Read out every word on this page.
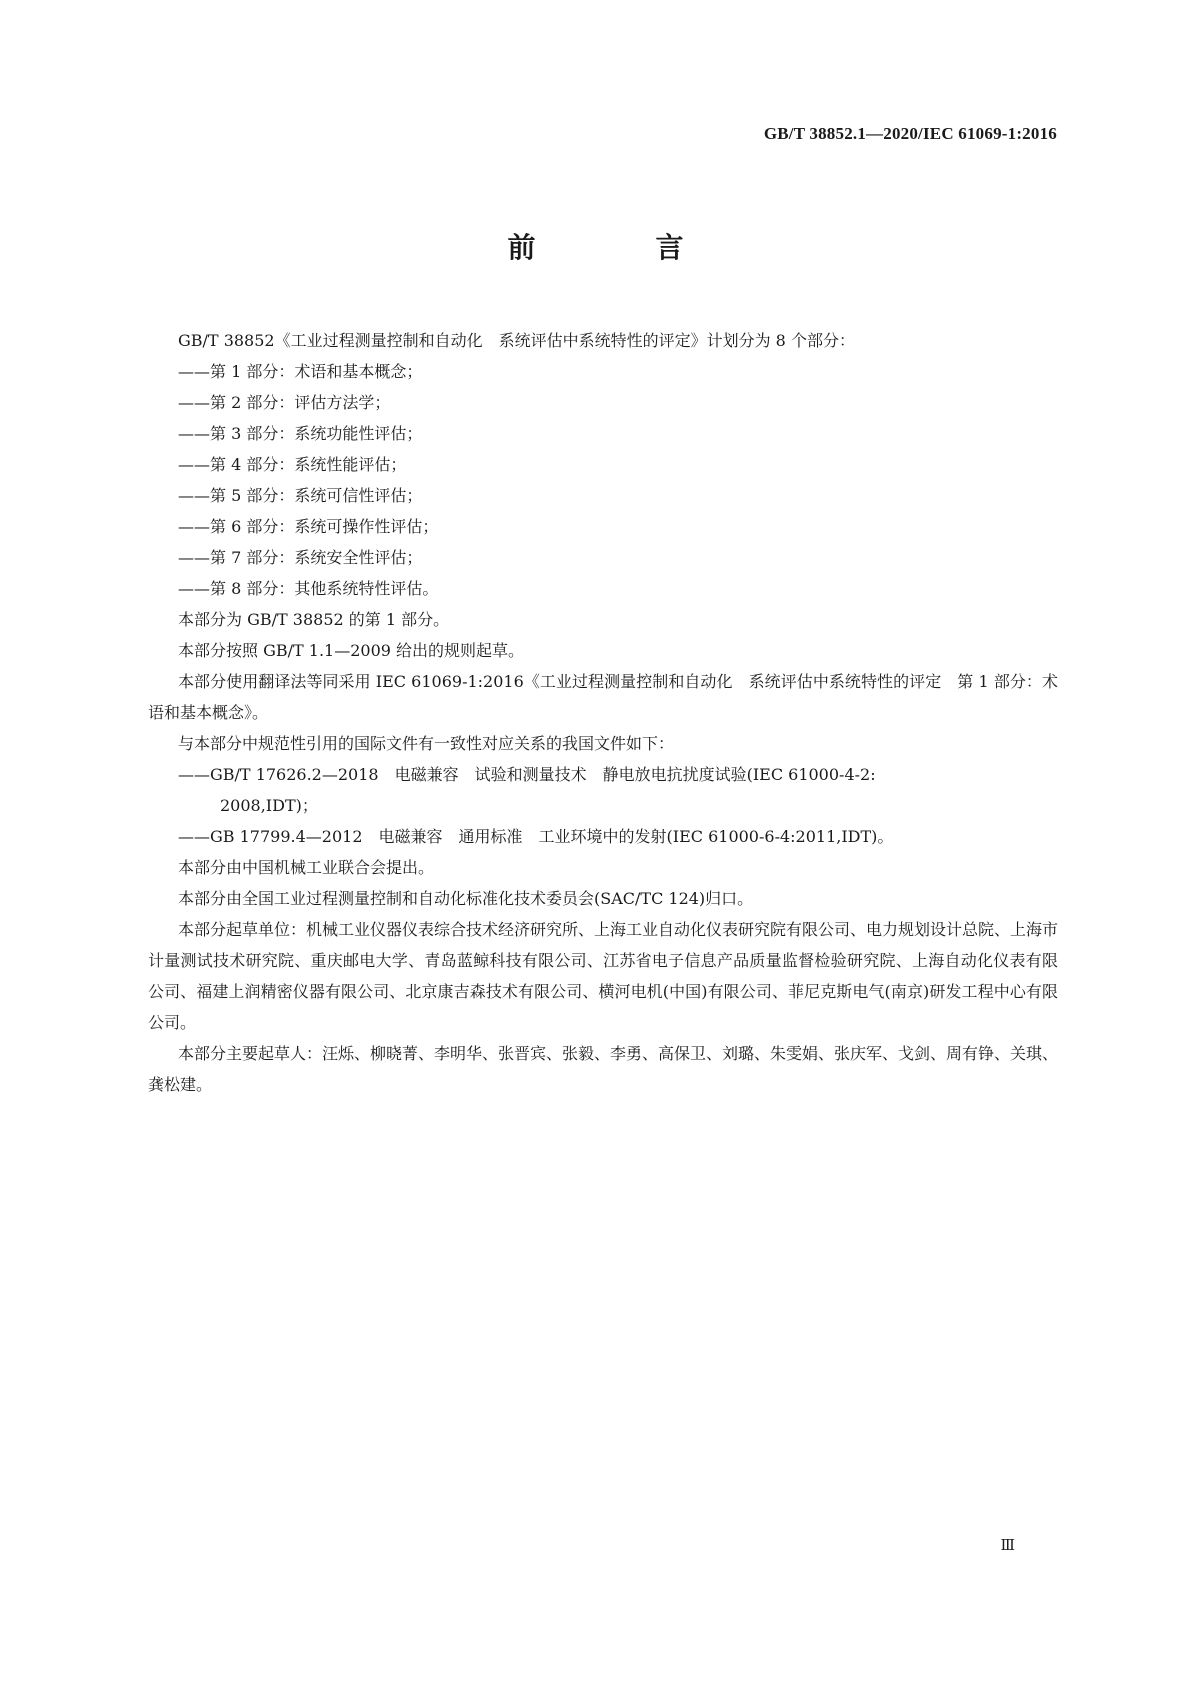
GB/T 38852.1—2020/IEC 61069-1:2016
前　言

GB/T 38852《工业过程测量控制和自动化　系统评估中系统特性的评定》计划分为 8 个部分：

——第 1 部分：术语和基本概念；

——第 2 部分：评估方法学；

——第 3 部分：系统功能性评估；

——第 4 部分：系统性能评估；

——第 5 部分：系统可信性评估；

——第 6 部分：系统可操作性评估；

——第 7 部分：系统安全性评估；

——第 8 部分：其他系统特性评估。

本部分为 GB/T 38852 的第 1 部分。

本部分按照 GB/T 1.1—2009 给出的规则起草。

本部分使用翻译法等同采用 IEC 61069-1:2016《工业过程测量控制和自动化　系统评估中系统特性的评定　第 1 部分：术语和基本概念》。

与本部分中规范性引用的国际文件有一致性对应关系的我国文件如下：

——GB/T 17626.2—2018　电磁兼容　试验和测量技术　静电放电抗扰度试验(IEC 61000-4-2:
2008,IDT)；

——GB 17799.4—2012　电磁兼容　通用标准　工业环境中的发射(IEC 61000-6-4:2011,IDT)。

本部分由中国机械工业联合会提出。

本部分由全国工业过程测量控制和自动化标准化技术委员会(SAC/TC 124)归口。

本部分起草单位：机械工业仪器仪表综合技术经济研究所、上海工业自动化仪表研究院有限公司、电力规划设计总院、上海市计量测试技术研究院、重庆邮电大学、青岛蓝鲸科技有限公司、江苏省电子信息产品质量监督检验研究院、上海自动化仪表有限公司、福建上润精密仪器有限公司、北京康吉森技术有限公司、横河电机(中国)有限公司、菲尼克斯电气(南京)研发工程中心有限公司。

本部分主要起草人：汪烁、柳晓菁、李明华、张晋宾、张毅、李勇、高保卫、刘璐、朱雯娟、张庆军、戈剑、周有铮、关琪、龚松建。

Ⅲ
